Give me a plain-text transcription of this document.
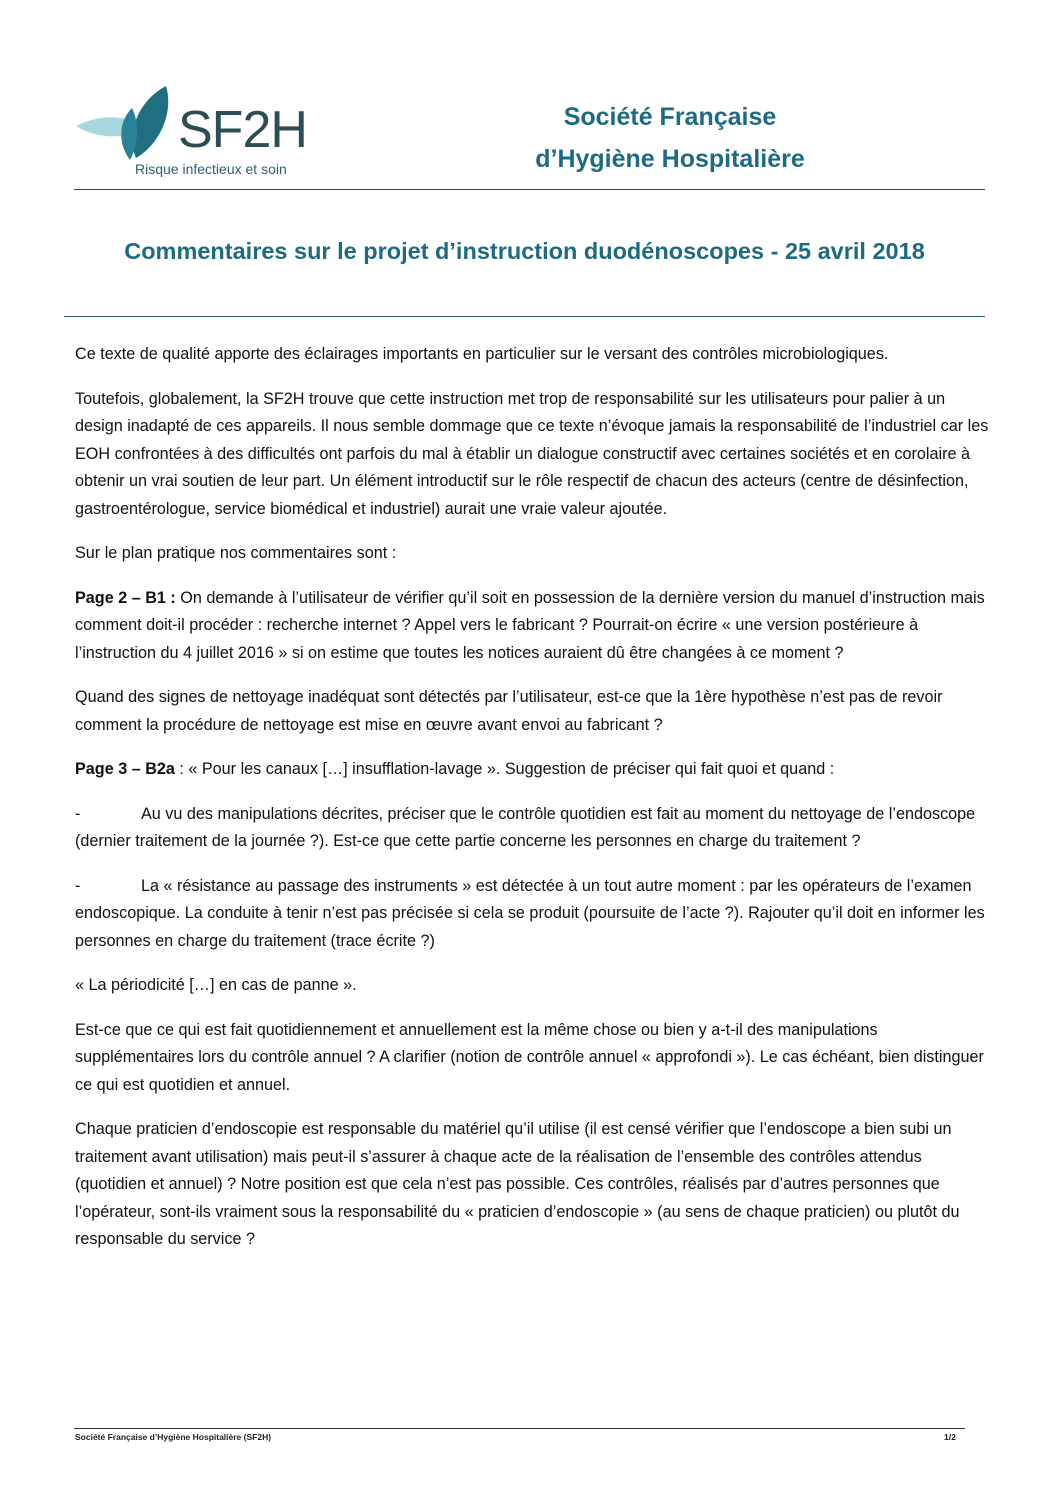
SF2H
Risque infectieux et soin
Société Française
d’Hygiène Hospitalière
Commentaires sur le projet d’instruction duodénoscopes - 25 avril 2018

Ce texte de qualité apporte des éclairages importants en particulier sur le versant des contrôles microbiologiques.

Toutefois, globalement, la SF2H trouve que cette instruction met trop de responsabilité sur les utilisateurs pour palier à un design inadapté de ces appareils. Il nous semble dommage que ce texte n’évoque jamais la responsabilité de l’industriel car les EOH confrontées à des difficultés ont parfois du mal à établir un dialogue constructif avec certaines sociétés et en corolaire à obtenir un vrai soutien de leur part. Un élément introductif sur le rôle respectif de chacun des acteurs (centre de désinfection, gastroentérologue, service biomédical et industriel) aurait une vraie valeur ajoutée.

Sur le plan pratique nos commentaires sont :

Page 2 – B1 : On demande à l’utilisateur de vérifier qu’il soit en possession de la dernière version du manuel d’instruction mais comment doit-il procéder : recherche internet ? Appel vers le fabricant ? Pourrait-on écrire « une version postérieure à l’instruction du 4 juillet 2016 » si on estime que toutes les notices auraient dû être changées à ce moment ?

Quand des signes de nettoyage inadéquat sont détectés par l’utilisateur, est-ce que la 1ère hypothèse n’est pas de revoir comment la procédure de nettoyage est mise en œuvre avant envoi au fabricant ?

Page 3 – B2a : « Pour les canaux […] insufflation-lavage ». Suggestion de préciser qui fait quoi et quand :

-	Au vu des manipulations décrites, préciser que le contrôle quotidien est fait au moment du nettoyage de l’endoscope (dernier traitement de la journée ?). Est-ce que cette partie concerne les personnes en charge du traitement ?

-	La « résistance au passage des instruments » est détectée à un tout autre moment : par les opérateurs de l’examen endoscopique. La conduite à tenir n’est pas précisée si cela se produit (poursuite de l’acte ?). Rajouter qu’il doit en informer les personnes en charge du traitement (trace écrite ?)

« La périodicité […] en cas de panne ».

Est-ce que ce qui est fait quotidiennement et annuellement est la même chose ou bien y a-t-il des manipulations supplémentaires lors du contrôle annuel ? A clarifier (notion de contrôle annuel « approfondi »). Le cas échéant, bien distinguer ce qui est quotidien et annuel.

Chaque praticien d’endoscopie est responsable du matériel qu’il utilise (il est censé vérifier que l’endoscope a bien subi un traitement avant utilisation) mais peut-il s’assurer à chaque acte de la réalisation de l’ensemble des contrôles attendus (quotidien et annuel) ? Notre position est que cela n’est pas possible. Ces contrôles, réalisés par d’autres personnes que l’opérateur, sont-ils vraiment sous la responsabilité du « praticien d’endoscopie » (au sens de chaque praticien) ou plutôt du responsable du service ?

Société Française d’Hygiène Hospitalière (SF2H)	1/2
